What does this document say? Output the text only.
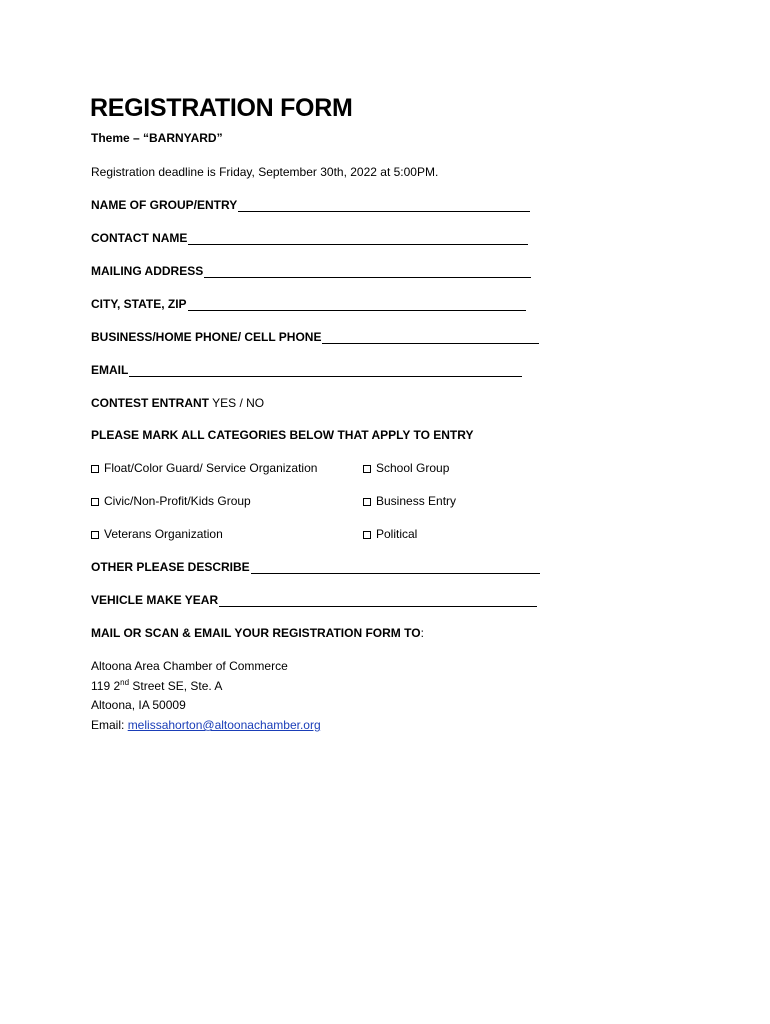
REGISTRATION FORM
Theme – “BARNYARD”
Registration deadline is Friday, September 30th, 2022 at 5:00PM.
NAME OF GROUP/ENTRY
CONTACT NAME
MAILING ADDRESS
CITY, STATE, ZIP
BUSINESS/HOME PHONE/ CELL PHONE
EMAIL
CONTEST ENTRANT YES / NO
PLEASE MARK ALL CATEGORIES BELOW THAT APPLY TO ENTRY
Float/Color Guard/ Service Organization	School Group
Civic/Non-Profit/Kids Group	Business Entry
Veterans Organization	Political
OTHER PLEASE DESCRIBE
VEHICLE MAKE YEAR
MAIL OR SCAN & EMAIL YOUR REGISTRATION FORM TO:
Altoona Area Chamber of Commerce
119 2nd Street SE, Ste. A
Altoona, IA 50009
Email: melissahorton@altoonachamber.org
